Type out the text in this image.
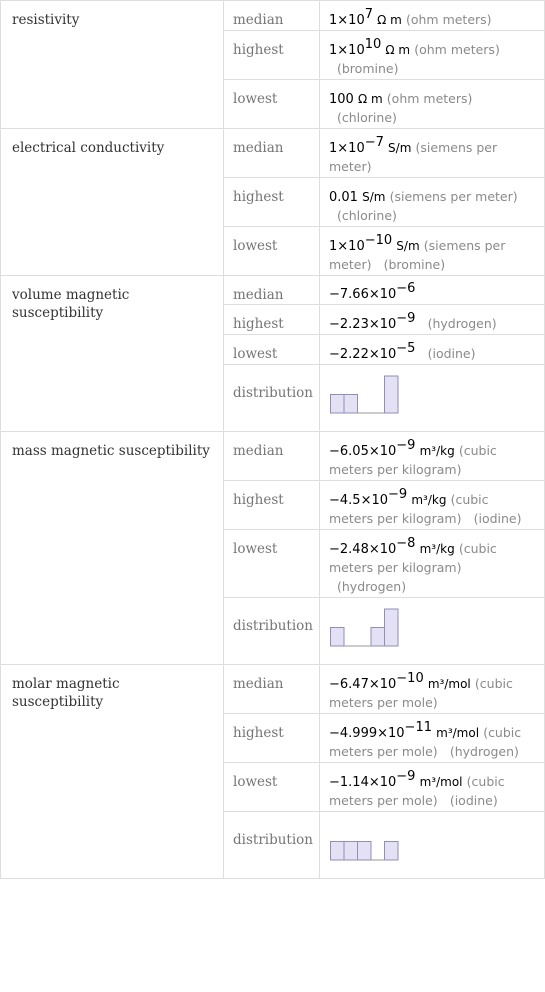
resistivity	median	$1\times 10^7$ Ω m (ohm meters)
	highest	$1\times 10^{10}$ Ω m (ohm meters) (bromine)
	lowest	100 Ω m (ohm meters) (chlorine)
electrical conductivity	median	$1\times 10^{-7}$ S/m (siemens per meter)
	highest	0.01 S/m (siemens per meter) (chlorine)
	lowest	$1\times 10^{-10}$ S/m (siemens per meter) (bromine)
volume magnetic susceptibility	median	$-7.66\times 10^{-6}$
	highest	$-2.23\times 10^{-9}$ (hydrogen)
	lowest	$-2.22\times 10^{-5}$ (iodine)
	distribution	

mass magnetic susceptibility	median	$-6.05\times 10^{-9}$ m³/kg (cubic meters per kilogram)
	highest	$-4.5\times 10^{-9}$ m³/kg (cubic meters per kilogram) (iodine)
	lowest	$-2.48\times 10^{-8}$ m³/kg (cubic meters per kilogram) (hydrogen)
	distribution	

molar magnetic susceptibility	median	$-6.47\times 10^{-10}$ m³/mol (cubic meters per mole)
	highest	$-4.999\times 10^{-11}$ m³/mol (cubic meters per mole) (hydrogen)
	lowest	$-1.14\times 10^{-9}$ m³/mol (cubic meters per mole) (iodine)
	distribution	
